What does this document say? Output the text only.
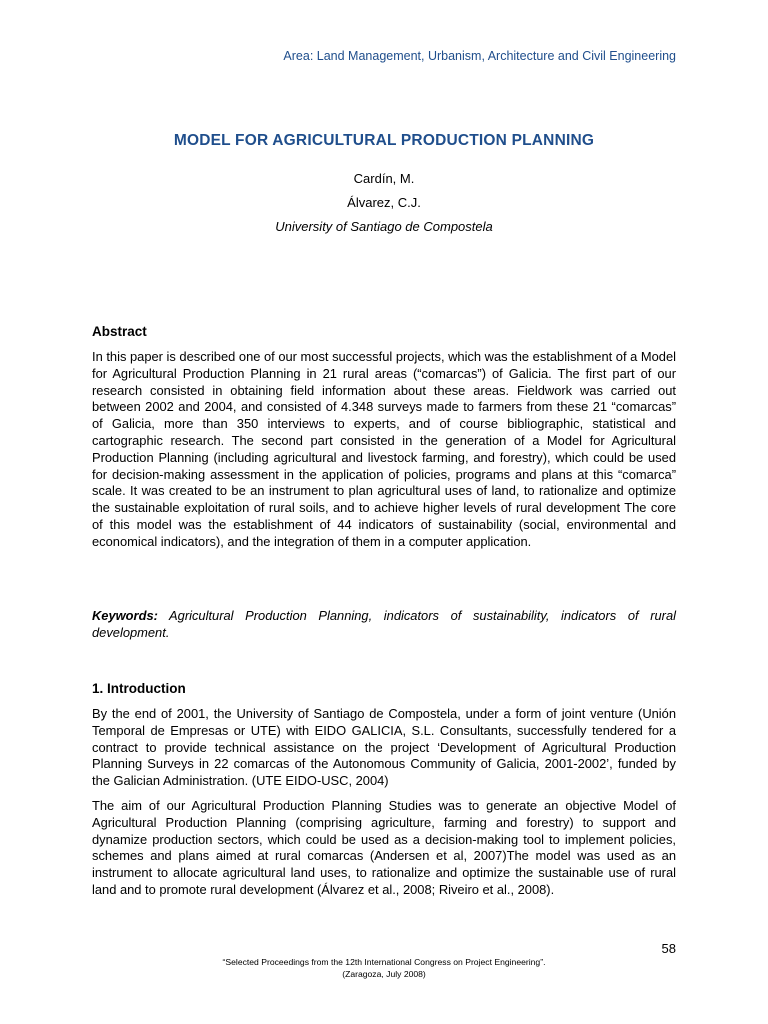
Area: Land Management, Urbanism, Architecture and Civil Engineering
MODEL FOR AGRICULTURAL PRODUCTION PLANNING
Cardín, M.
Álvarez, C.J.
University of Santiago de Compostela
Abstract
In this paper is described one of our most successful projects, which was the establishment of a Model for Agricultural Production Planning in 21 rural areas (“comarcas”) of Galicia. The first part of our research consisted in obtaining field information about these areas. Fieldwork was carried out between 2002 and 2004, and consisted of 4.348 surveys made to farmers from these 21 “comarcas” of Galicia, more than 350 interviews to experts, and of course bibliographic, statistical and cartographic research. The second part consisted in the generation of a Model for Agricultural Production Planning (including agricultural and livestock farming, and forestry), which could be used for decision-making assessment in the application of policies, programs and plans at this “comarca” scale. It was created to be an instrument to plan agricultural uses of land, to rationalize and optimize the sustainable exploitation of rural soils, and to achieve higher levels of rural development The core of this model was the establishment of 44 indicators of sustainability (social, environmental and economical indicators), and the integration of them in a computer application.
Keywords: Agricultural Production Planning, indicators of sustainability, indicators of rural development.
1. Introduction
By the end of 2001, the University of Santiago de Compostela, under a form of joint venture (Unión Temporal de Empresas or UTE) with EIDO GALICIA, S.L. Consultants, successfully tendered for a contract to provide technical assistance on the project ‘Development of Agricultural Production Planning Surveys in 22 comarcas of the Autonomous Community of Galicia, 2001-2002’, funded by the Galician Administration. (UTE EIDO-USC, 2004)
The aim of our Agricultural Production Planning Studies was to generate an objective Model of Agricultural Production Planning (comprising agriculture, farming and forestry) to support and dynamize production sectors, which could be used as a decision-making tool to implement policies, schemes and plans aimed at rural comarcas (Andersen et al, 2007)The model was used as an instrument to allocate agricultural land uses, to rationalize and optimize the sustainable use of rural land and to promote rural development (Álvarez et al., 2008; Riveiro et al., 2008).
58
“Selected Proceedings from the 12th International Congress on Project Engineering”.
(Zaragoza, July 2008)
